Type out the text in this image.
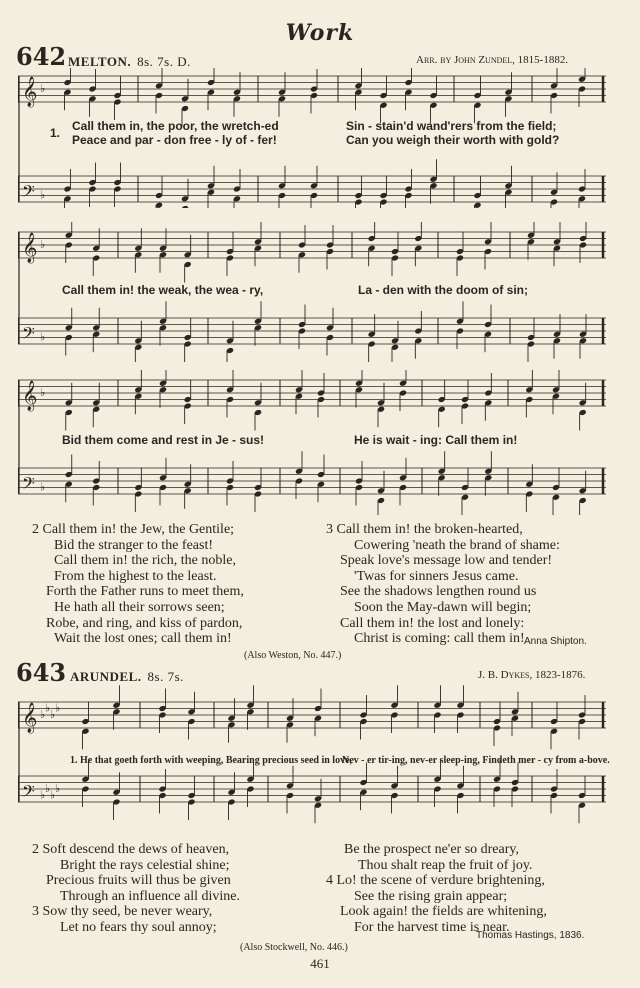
Work
642 MELTON. 8s. 7s. D.	Arr. by John Zundel, 1815-1882.
𝄞 ♭
𝄢 ♭
1. Call them in, the poor, the wretch-ed	Sin - stain'd wand'rers from the field;
Peace and par - don free - ly of - fer!	Can you weigh their worth with gold?
𝄞 ♭
𝄢 ♭
Call them in! the weak, the wea - ry,	La - den with the doom of sin;
𝄞 ♭
𝄢 ♭
Bid them come and rest in Je - sus!	He is wait - ing: Call them in!
2 Call them in! the Jew, the Gentile;
Bid the stranger to the feast!
Call them in! the rich, the noble,
From the highest to the least.
Forth the Father runs to meet them,
He hath all their sorrows seen;
Robe, and ring, and kiss of pardon,
Wait the lost ones; call them in!
3 Call them in! the broken-hearted,
Cowering 'neath the brand of shame:
Speak love's message low and tender!
'Twas for sinners Jesus came.
See the shadows lengthen round us
Soon the May-dawn will begin;
Call them in! the lost and lonely:
Christ is coming: call them in! Anna Shipton.
(Also Weston, No. 447.)
643 ARUNDEL. 8s. 7s.	J. B. Dykes, 1823-1876.
𝄞 ♭ ♭ ♭ ♭
𝄢 ♭ ♭ ♭ ♭
1. He that goeth forth with weeping, Bearing precious seed in love,
Nev - er tir-ing, nev-er sleep-ing, Findeth mer - cy from a-bove.
2 Soft descend the dews of heaven,
Bright the rays celestial shine;
Precious fruits will thus be given
Through an influence all divine.
3 Sow thy seed, be never weary,
Let no fears thy soul annoy;
Be the prospect ne'er so dreary,
Thou shalt reap the fruit of joy.
4 Lo! the scene of verdure brightening,
See the rising grain appear;
Look again! the fields are whitening,
For the harvest time is near.
Thomas Hastings, 1836.
(Also Stockwell, No. 446.)
461
